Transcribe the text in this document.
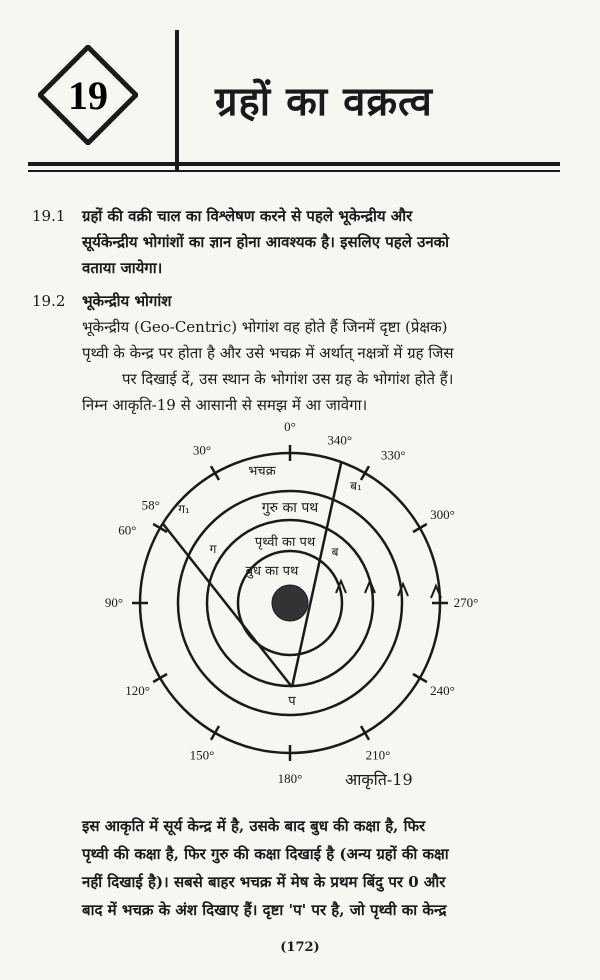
19	ग्रहों का वक्रत्व
19.1 ग्रहों की वक्री चाल का विश्लेषण करने से पहले भूकेन्द्रीय और
सूर्यकेन्द्रीय भोगांशों का ज्ञान होना आवश्यक है। इसलिए पहले उनको
वताया जायेगा।
19.2 भूकेन्द्रीय भोगांश
भूकेन्द्रीय (Geo-Centric) भोगांश वह होते हैं जिनमें दृष्टा (प्रेक्षक)
पृथ्वी के केन्द्र पर होता है और उसे भचक्र में अर्थात् नक्षत्रों में ग्रह जिस
पर दिखाई दें, उस स्थान के भोगांश उस ग्रह के भोगांश होते हैं।
निम्न आकृति-19 से आसानी से समझ में आ जावेगा।
0°
30°
60°
90°
120°
150°
180°
210°
240°
270°
300°
330°
58°
340°
भचक्र
गुरु का पथ
पृथ्वी का पथ
बुध का पथ
प
ग
ग₁
ब
ब₁
आकृति-19
इस आकृति में सूर्य केन्द्र में है, उसके बाद बुध की कक्षा है, फिर
पृथ्वी की कक्षा है, फिर गुरु की कक्षा दिखाई है (अन्य ग्रहों की कक्षा
नहीं दिखाई है)। सबसे बाहर भचक्र में मेष के प्रथम बिंदु पर 0 और
बाद में भचक्र के अंश दिखाए हैं। दृष्टा 'प' पर है, जो पृथ्वी का केन्द्र
(172)
